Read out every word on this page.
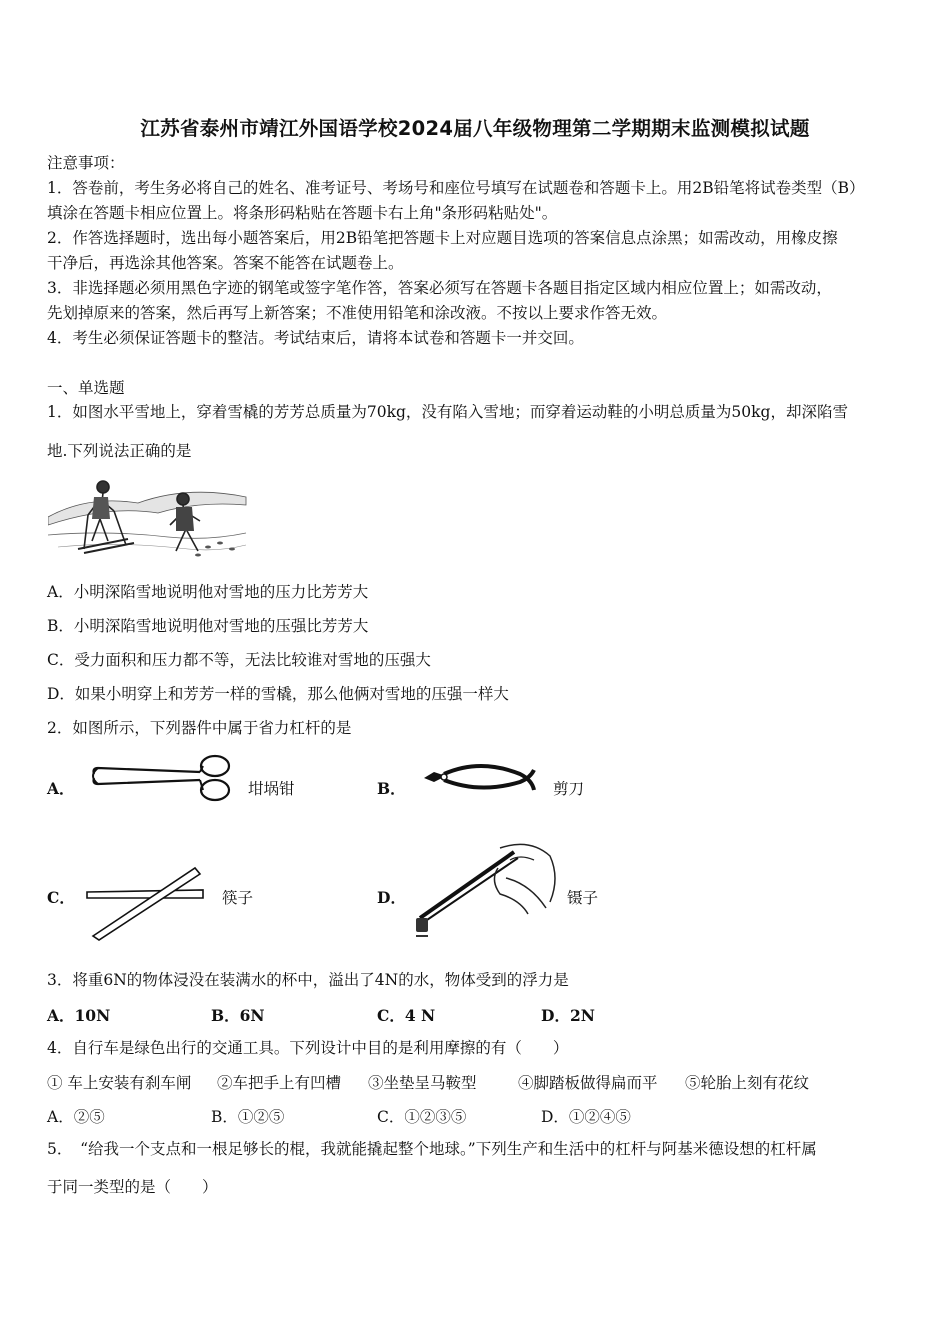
江苏省泰州市靖江外国语学校2024届八年级物理第二学期期末监测模拟试题
注意事项：
1．答卷前，考生务必将自己的姓名、准考证号、考场号和座位号填写在试题卷和答题卡上。用2B铅笔将试卷类型（B）
填涂在答题卡相应位置上。将条形码粘贴在答题卡右上角"条形码粘贴处"。
2．作答选择题时，选出每小题答案后，用2B铅笔把答题卡上对应题目选项的答案信息点涂黑；如需改动，用橡皮擦
干净后，再选涂其他答案。答案不能答在试题卷上。
3．非选择题必须用黑色字迹的钢笔或签字笔作答，答案必须写在答题卡各题目指定区域内相应位置上；如需改动，
先划掉原来的答案，然后再写上新答案；不准使用铅笔和涂改液。不按以上要求作答无效。
4．考生必须保证答题卡的整洁。考试结束后，请将本试卷和答题卡一并交回。
一、单选题
1．如图水平雪地上，穿着雪橇的芳芳总质量为70kg，没有陷入雪地；而穿着运动鞋的小明总质量为50kg，却深陷雪
地.下列说法正确的是
A．小明深陷雪地说明他对雪地的压力比芳芳大
B．小明深陷雪地说明他对雪地的压强比芳芳大
C．受力面积和压力都不等，无法比较谁对雪地的压强大
D．如果小明穿上和芳芳一样的雪橇，那么他俩对雪地的压强一样大
2．如图所示，下列器件中属于省力杠杆的是
A．	坩埚钳	B．	剪刀
C．	筷子	D．	镊子
3．将重6N的物体浸没在装满水的杯中，溢出了4N的水，物体受到的浮力是
A．10N	B．6N	C．4 N	D．2N
4．自行车是绿色出行的交通工具。下列设计中目的是利用摩擦的有（　　）
① 车上安装有刹车闸 ②车把手上有凹槽 ③坐垫呈马鞍型	④脚踏板做得扁而平 ⑤轮胎上刻有花纹
A．②⑤	B．①②⑤	C．①②③⑤	D．①②④⑤
5．　“给我一个支点和一根足够长的棍，我就能撬起整个地球。”下列生产和生活中的杠杆与阿基米德设想的杠杆属
于同一类型的是（　　）
